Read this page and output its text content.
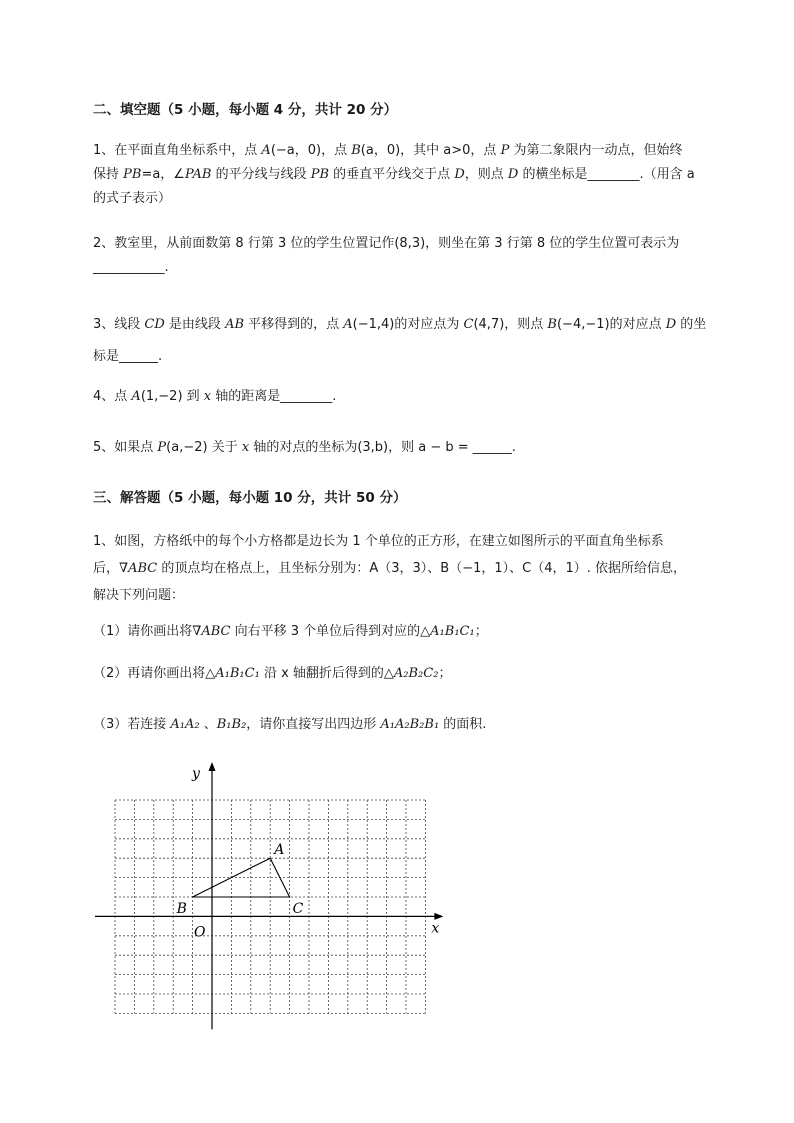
二、填空题（5 小题，每小题 4 分，共计 20 分）

1、在平面直角坐标系中，点 A(−a，0)，点 B(a，0)，其中 a>0，点 P 为第二象限内一动点，但始终
保持 PB=a，∠PAB 的平分线与线段 PB 的垂直平分线交于点 D，则点 D 的横坐标是________.（用含 a
的式子表示）
2、教室里，从前面数第 8 行第 3 位的学生位置记作(8,3)，则坐在第 3 行第 8 位的学生位置可表示为
___________.
3、线段 CD 是由线段 AB 平移得到的，点 A(−1,4)的对应点为 C(4,7)，则点 B(−4,−1)的对应点 D 的坐
标是______.
4、点 A(1,−2) 到 x 轴的距离是________.
5、如果点 P(a,−2) 关于 x 轴的对点的坐标为(3,b)，则 a − b = ______.

三、解答题（5 小题，每小题 10 分，共计 50 分）

1、如图，方格纸中的每个小方格都是边长为 1 个单位的正方形，在建立如图所示的平面直角坐标系
后，∇ABC 的顶点均在格点上，且坐标分别为：A（3，3）、B（−1，1）、C（4，1）. 依据所给信息，
解决下列问题：
（1）请你画出将∇ABC 向右平移 3 个单位后得到对应的△A₁B₁C₁；
（2）再请你画出将△A₁B₁C₁ 沿 x 轴翻折后得到的△A₂B₂C₂；
（3）若连接 A₁A₂ 、B₁B₂，请你直接写出四边形 A₁A₂B₂B₁ 的面积.
y
x
O
A
B	C
